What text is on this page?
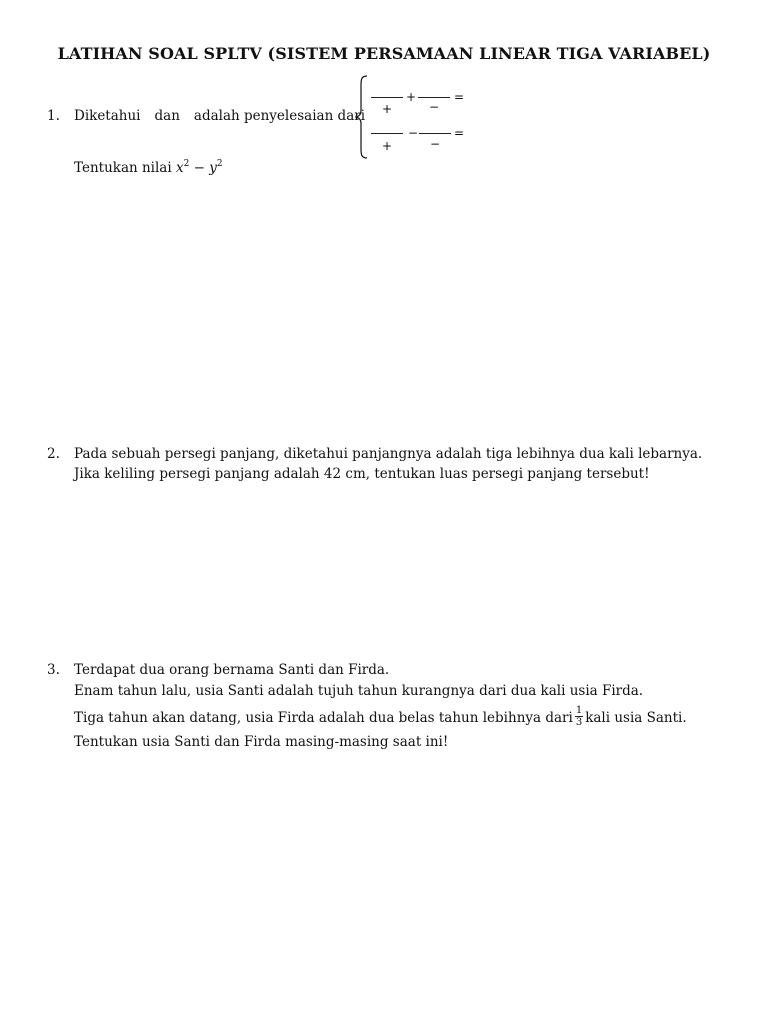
LATIHAN SOAL SPLTV (SISTEM PERSAMAAN LINEAR TIGA VARIABEL)
1. Diketahui dan adalah penyelesaian dari
+	=
+	−
−	=
+	−
Tentukan nilai $x^2 - y^2$
2. Pada sebuah persegi panjang, diketahui panjangnya adalah tiga lebihnya dua kali lebarnya.
Jika keliling persegi panjang adalah 42 cm, tentukan luas persegi panjang tersebut!
3. Terdapat dua orang bernama Santi dan Firda.
Enam tahun lalu, usia Santi adalah tujuh tahun kurangnya dari dua kali usia Firda.
Tiga tahun akan datang, usia Firda adalah dua belas tahun lebihnya dari $\frac{1}{3}$ kali usia Santi.
Tentukan usia Santi dan Firda masing-masing saat ini!
